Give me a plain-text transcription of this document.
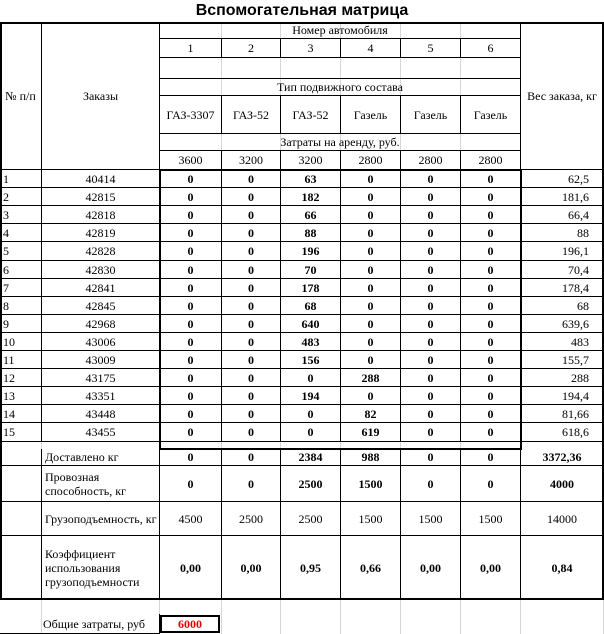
Вспомогательная матрица
№ п/п	Заказы	Вес заказа, кг
Номер автомобиля
1	2	3	4	5	6
Тип подвижного состава
ГАЗ-3307	ГАЗ-52	ГАЗ-52	Газель	Газель	Газель
Затраты на аренду, руб.
3600	3200	3200	2800	2800	2800
1	40414	0	0	63	0	0	0	62,5
2	42815	0	0	182	0	0	0	181,6
3	42818	0	0	66	0	0	0	66,4
4	42819	0	0	88	0	0	0	88
5	42828	0	0	196	0	0	0	196,1
6	42830	0	0	70	0	0	0	70,4
7	42841	0	0	178	0	0	0	178,4
8	42845	0	0	68	0	0	0	68
9	42968	0	0	640	0	0	0	639,6
10	43006	0	0	483	0	0	0	483
11	43009	0	0	156	0	0	0	155,7
12	43175	0	0	0	288	0	0	288
13	43351	0	0	194	0	0	0	194,4
14	43448	0	0	0	82	0	0	81,66
15	43455	0	0	0	619	0	0	618,6
Доставлено кг	0	0	2384	988	0	0	3372,36
Провозная способность, кг	0	0	2500	1500	0	0	4000
Грузоподъемность, кг	4500	2500	2500	1500	1500	1500	14000
Коэффициент использования грузоподъемности
0,00	0,00	0,95	0,66	0,00	0,00	0,84
Общие затраты, руб	6000
